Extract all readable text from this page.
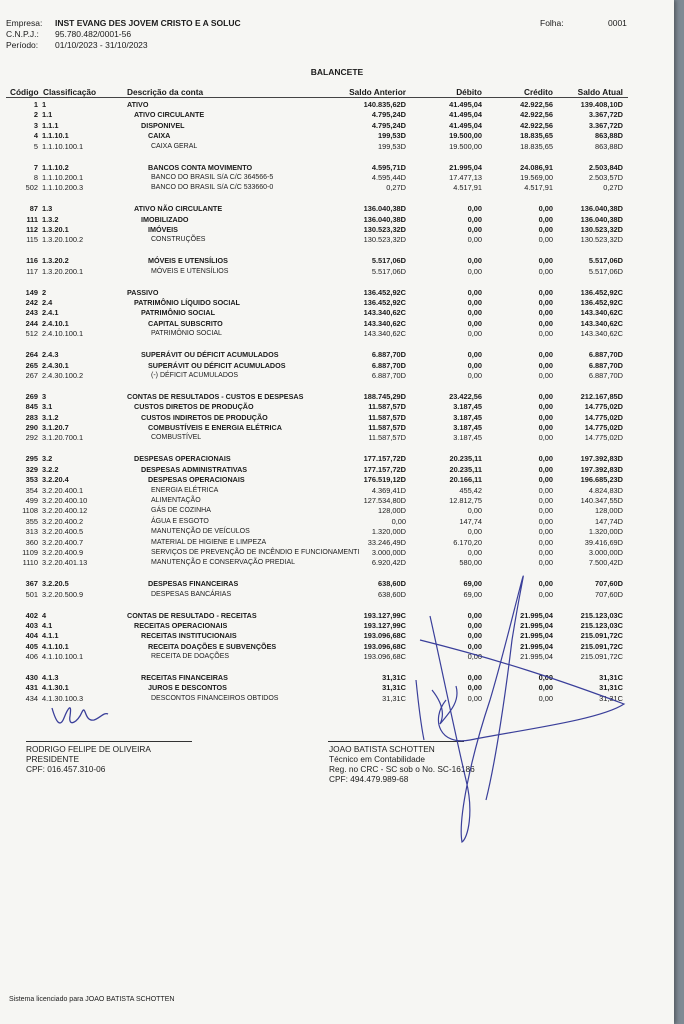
Empresa:	INST EVANG DES JOVEM CRISTO E A SOLUC
C.N.P.J.:	95.780.482/0001-56
Período:	01/10/2023 - 31/10/2023
Folha:	0001
BALANCETE
Código Classificação	Descrição da conta	Saldo Anterior	Débito	Crédito	Saldo Atual
1 1	ATIVO	140.835,62D	41.495,04	42.922,56	139.408,10D
2 1.1	ATIVO CIRCULANTE	4.795,24D	41.495,04	42.922,56	3.367,72D
3 1.1.1	DISPONIVEL	4.795,24D	41.495,04	42.922,56	3.367,72D
4 1.1.10.1	CAIXA	199,53D	19.500,00	18.835,65	863,88D
5 1.1.10.100.1	CAIXA GERAL	199,53D	19.500,00	18.835,65	863,88D
7 1.1.10.2	BANCOS CONTA MOVIMENTO	4.595,71D	21.995,04	24.086,91	2.503,84D
8 1.1.10.200.1	BANCO DO BRASIL S/A C/C 364566-5	4.595,44D	17.477,13	19.569,00	2.503,57D
502 1.1.10.200.3	BANCO DO BRASIL S/A C/C 533660-0	0,27D	4.517,91	4.517,91	0,27D
87 1.3	ATIVO NÃO CIRCULANTE	136.040,38D	0,00	0,00	136.040,38D
111 1.3.2	IMOBILIZADO	136.040,38D	0,00	0,00	136.040,38D
112 1.3.20.1	IMÓVEIS	130.523,32D	0,00	0,00	130.523,32D
115 1.3.20.100.2	CONSTRUÇÕES	130.523,32D	0,00	0,00	130.523,32D
116 1.3.20.2	MÓVEIS E UTENSÍLIOS	5.517,06D	0,00	0,00	5.517,06D
117 1.3.20.200.1	MÓVEIS E UTENSÍLIOS	5.517,06D	0,00	0,00	5.517,06D
149 2	PASSIVO	136.452,92C	0,00	0,00	136.452,92C
242 2.4	PATRIMÔNIO LÍQUIDO SOCIAL	136.452,92C	0,00	0,00	136.452,92C
243 2.4.1	PATRIMÔNIO SOCIAL	143.340,62C	0,00	0,00	143.340,62C
244 2.4.10.1	CAPITAL SUBSCRITO	143.340,62C	0,00	0,00	143.340,62C
512 2.4.10.100.1	PATRIMÔNIO SOCIAL	143.340,62C	0,00	0,00	143.340,62C
264 2.4.3	SUPERÁVIT OU DÉFICIT ACUMULADOS	6.887,70D	0,00	0,00	6.887,70D
265 2.4.30.1	SUPERÁVIT OU DÉFICIT ACUMULADOS	6.887,70D	0,00	0,00	6.887,70D
267 2.4.30.100.2	(-) DÉFICIT ACUMULADOS	6.887,70D	0,00	0,00	6.887,70D
269 3	CONTAS DE RESULTADOS - CUSTOS E DESPESAS	188.745,29D	23.422,56	0,00	212.167,85D
845 3.1	CUSTOS DIRETOS DE PRODUÇÃO	11.587,57D	3.187,45	0,00	14.775,02D
283 3.1.2	CUSTOS INDIRETOS DE PRODUÇÃO	11.587,57D	3.187,45	0,00	14.775,02D
290 3.1.20.7	COMBUSTÍVEIS E ENERGIA ELÉTRICA	11.587,57D	3.187,45	0,00	14.775,02D
292 3.1.20.700.1	COMBUSTÍVEL	11.587,57D	3.187,45	0,00	14.775,02D
295 3.2	DESPESAS OPERACIONAIS	177.157,72D	20.235,11	0,00	197.392,83D
329 3.2.2	DESPESAS ADMINISTRATIVAS	177.157,72D	20.235,11	0,00	197.392,83D
353 3.2.20.4	DESPESAS OPERACIONAIS	176.519,12D	20.166,11	0,00	196.685,23D
354 3.2.20.400.1	ENERGIA ELÉTRICA	4.369,41D	455,42	0,00	4.824,83D
499 3.2.20.400.10	ALIMENTAÇÃO	127.534,80D	12.812,75	0,00	140.347,55D
1108 3.2.20.400.12	GÁS DE COZINHA	128,00D	0,00	0,00	128,00D
355 3.2.20.400.2	ÁGUA E ESGOTO	0,00	147,74	0,00	147,74D
313 3.2.20.400.5	MANUTENÇÃO DE VEÍCULOS	1.320,00D	0,00	0,00	1.320,00D
360 3.2.20.400.7	MATERIAL DE HIGIENE E LIMPEZA	33.246,49D	6.170,20	0,00	39.416,69D
1109 3.2.20.400.9	SERVIÇOS DE PREVENÇÃO DE INCÊNDIO E FUNCIONAMENTI	3.000,00D	0,00	0,00	3.000,00D
1110 3.2.20.401.13	MANUTENÇÃO E CONSERVAÇÃO PREDIAL	6.920,42D	580,00	0,00	7.500,42D
367 3.2.20.5	DESPESAS FINANCEIRAS	638,60D	69,00	0,00	707,60D
501 3.2.20.500.9	DESPESAS BANCÁRIAS	638,60D	69,00	0,00	707,60D
402 4	CONTAS DE RESULTADO - RECEITAS	193.127,99C	0,00	21.995,04	215.123,03C
403 4.1	RECEITAS OPERACIONAIS	193.127,99C	0,00	21.995,04	215.123,03C
404 4.1.1	RECEITAS INSTITUCIONAIS	193.096,68C	0,00	21.995,04	215.091,72C
405 4.1.10.1	RECEITA DOAÇÕES E SUBVENÇÕES	193.096,68C	0,00	21.995,04	215.091,72C
406 4.1.10.100.1	RECEITA DE DOAÇÕES	193.096,68C	0,00	21.995,04	215.091,72C
430 4.1.3	RECEITAS FINANCEIRAS	31,31C	0,00	0,00	31,31C
431 4.1.30.1	JUROS E DESCONTOS	31,31C	0,00	0,00	31,31C
434 4.1.30.100.3	DESCONTOS FINANCEIROS OBTIDOS	31,31C	0,00	0,00	31,31C
RODRIGO FELIPE DE OLIVEIRA
PRESIDENTE
CPF: 016.457.310-06
JOAO BATISTA SCHOTTEN
Técnico em Contabilidade
Reg. no CRC - SC sob o No. SC-16186
CPF: 494.479.989-68
Sistema licenciado para JOAO BATISTA SCHOTTEN
